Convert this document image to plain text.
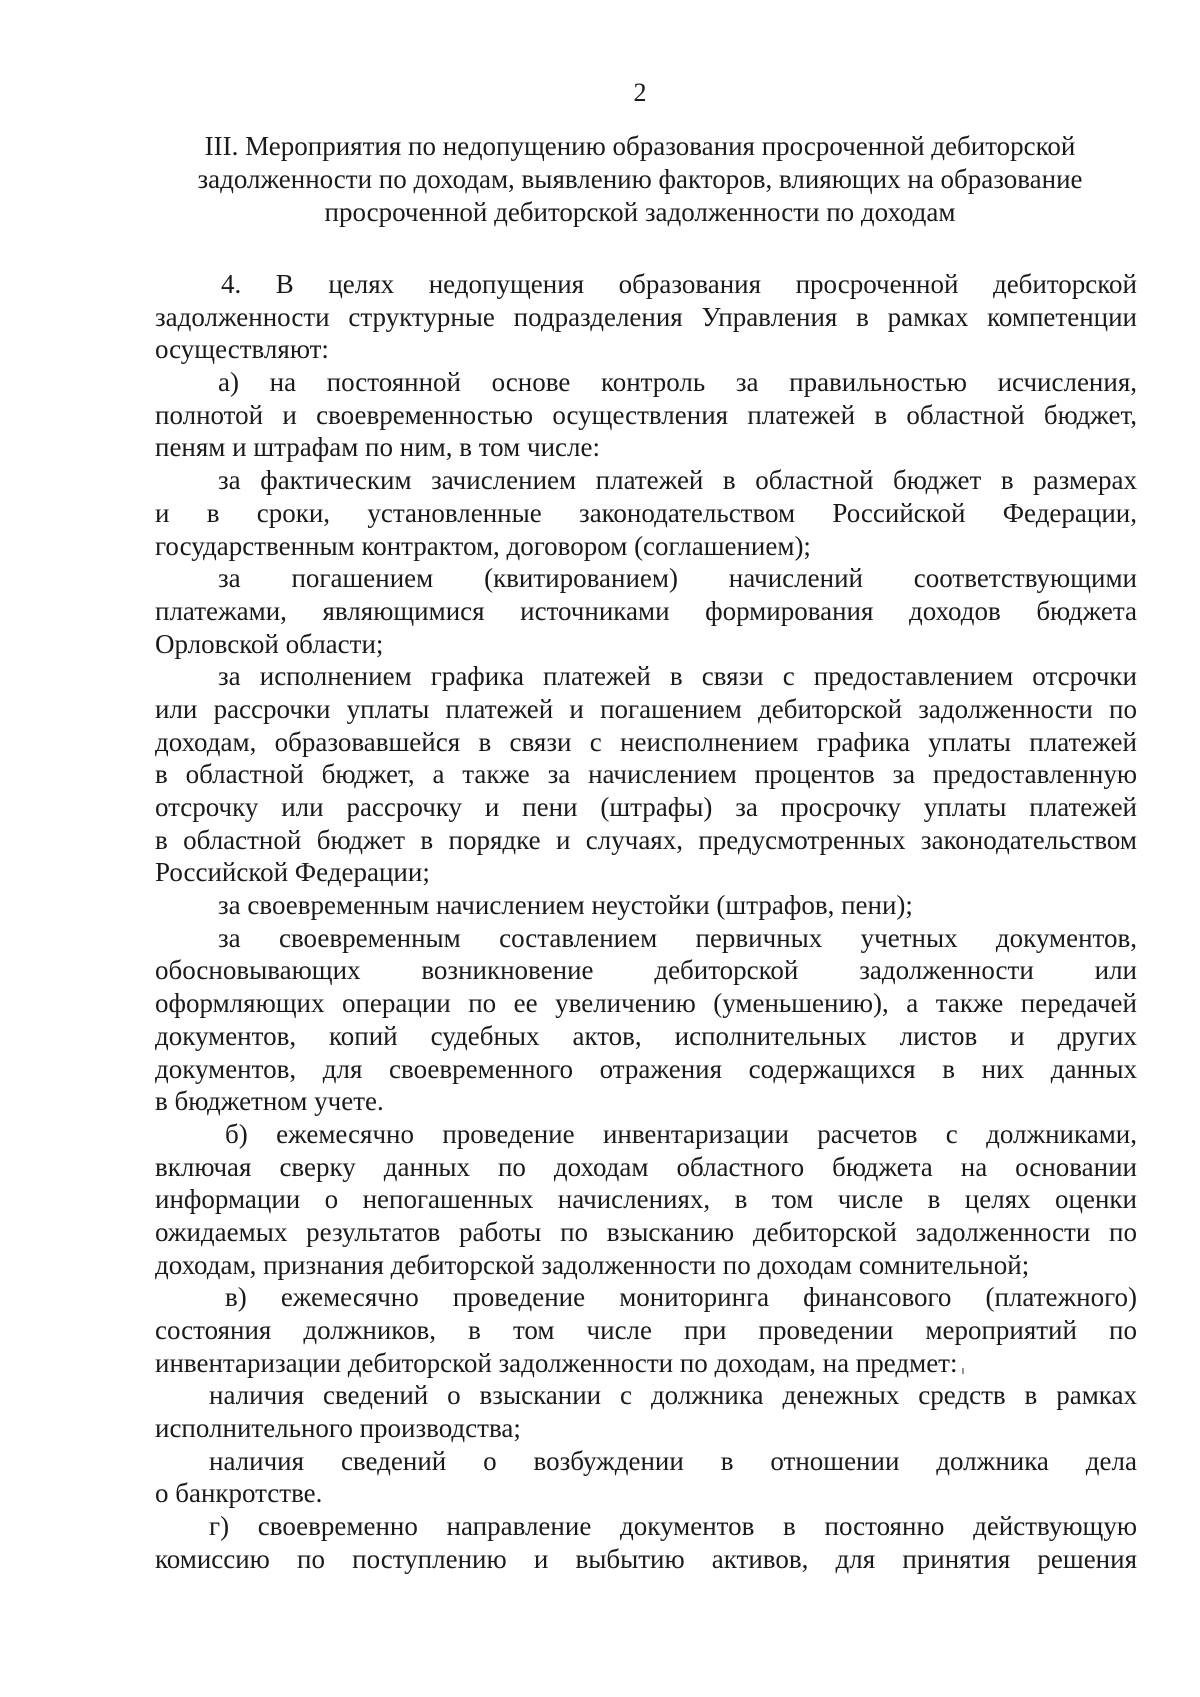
2
III. Мероприятия по недопущению образования просроченной дебиторской
задолженности по доходам, выявлению факторов, влияющих на образование
просроченной дебиторской задолженности по доходам
4. В целях недопущения образования просроченной дебиторской
задолженности структурные подразделения Управления в рамках компетенции
осуществляют:
а) на постоянной основе контроль за правильностью исчисления,
полнотой и своевременностью осуществления платежей в областной бюджет,
пеням и штрафам по ним, в том числе:
за фактическим зачислением платежей в областной бюджет в размерах
и в сроки, установленные законодательством Российской Федерации,
государственным контрактом, договором (соглашением);
за погашением (квитированием) начислений соответствующими
платежами, являющимися источниками формирования доходов бюджета
Орловской области;
за исполнением графика платежей в связи с предоставлением отсрочки
или рассрочки уплаты платежей и погашением дебиторской задолженности по
доходам, образовавшейся в связи с неисполнением графика уплаты платежей
в областной бюджет, а также за начислением процентов за предоставленную
отсрочку или рассрочку и пени (штрафы) за просрочку уплаты платежей
в областной бюджет в порядке и случаях, предусмотренных законодательством
Российской Федерации;
за своевременным начислением неустойки (штрафов, пени);
за своевременным составлением первичных учетных документов,
обосновывающих возникновение дебиторской задолженности или
оформляющих операции по ее увеличению (уменьшению), а также передачей
документов, копий судебных актов, исполнительных листов и других
документов, для своевременного отражения содержащихся в них данных
в бюджетном учете.
б) ежемесячно проведение инвентаризации расчетов с должниками,
включая сверку данных по доходам областного бюджета на основании
информации о непогашенных начислениях, в том числе в целях оценки
ожидаемых результатов работы по взысканию дебиторской задолженности по
доходам, признания дебиторской задолженности по доходам сомнительной;
в) ежемесячно проведение мониторинга финансового (платежного)
состояния должников, в том числе при проведении мероприятий по
инвентаризации дебиторской задолженности по доходам, на предмет:
наличия сведений о взыскании с должника денежных средств в рамках
исполнительного производства;
наличия сведений о возбуждении в отношении должника дела
о банкротстве.
г) своевременно направление документов в постоянно действующую
комиссию по поступлению и выбытию активов, для принятия решения
